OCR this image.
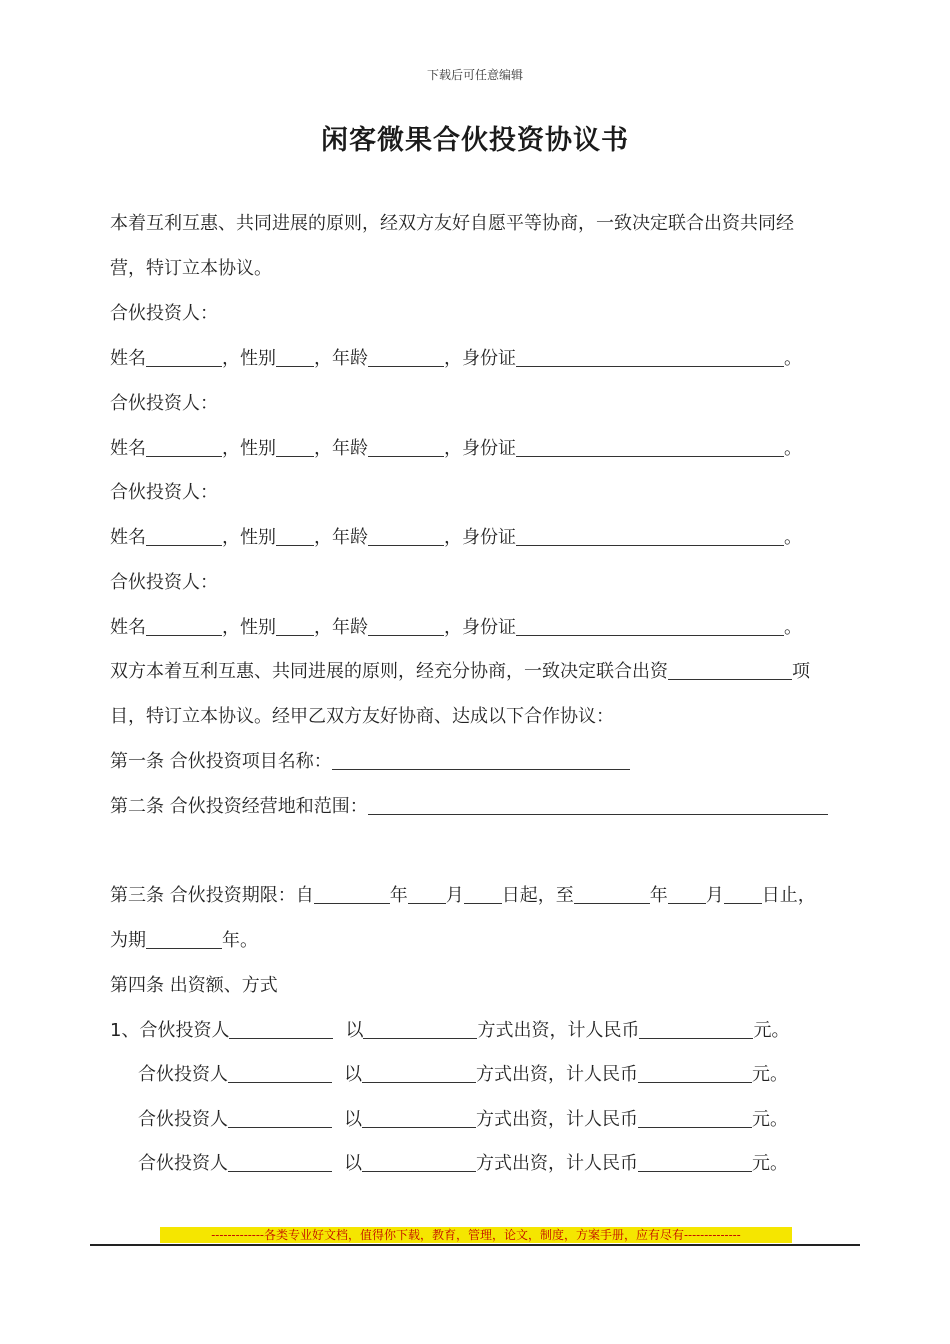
下载后可任意编辑
闲客微果合伙投资协议书
本着互利互惠、共同进展的原则，经双方友好自愿平等协商，一致决定联合出资共同经
营，特订立本协议。
合伙投资人：
姓名	，性别 ，年龄	，身份证	。
合伙投资人：
姓名	，性别 ，年龄	，身份证	。
合伙投资人：
姓名	，性别 ，年龄	，身份证	。
合伙投资人：
姓名	，性别 ，年龄	，身份证	。
双方本着互利互惠、共同进展的原则，经充分协商，一致决定联合出资	项
目，特订立本协议。经甲乙双方友好协商、达成以下合作协议：
第一条 合伙投资项目名称：
第二条 合伙投资经营地和范围：
第三条 合伙投资期限：自	年 月 日起，至	年 月 日止，
为期	年。
第四条 出资额、方式
1、合伙投资人	以	方式出资，计人民币	元。
合伙投资人	以	方式出资，计人民币	元。
合伙投资人	以	方式出资，计人民币	元。
合伙投资人	以	方式出资，计人民币	元。
-------------各类专业好文档，值得你下载，教育，管理，论文，制度，方案手册，应有尽有--------------
